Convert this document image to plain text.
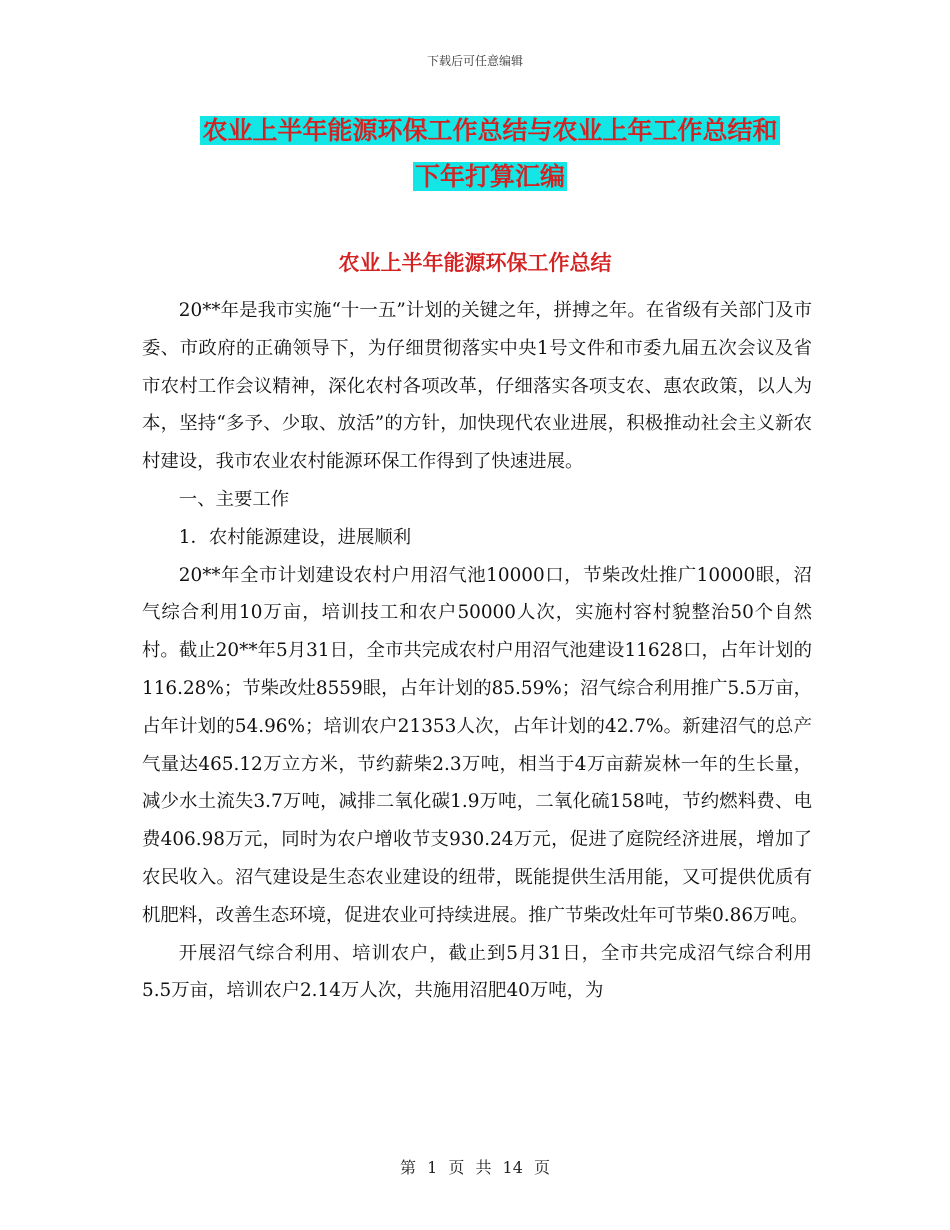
下载后可任意编辑
农业上半年能源环保工作总结与农业上年工作总结和
下年打算汇编
农业上半年能源环保工作总结

20**年是我市实施“十一五”计划的关键之年，拼搏之年。在省级有关部门及市委、市政府的正确领导下，为仔细贯彻落实中央1号文件和市委九届五次会议及省市农村工作会议精神，深化农村各项改革，仔细落实各项支农、惠农政策，以人为本，坚持“多予、少取、放活”的方针，加快现代农业进展，积极推动社会主义新农村建设，我市农业农村能源环保工作得到了快速进展。

一、主要工作

1．农村能源建设，进展顺利

20**年全市计划建设农村户用沼气池10000口，节柴改灶推广10000眼，沼气综合利用10万亩，培训技工和农户50000人次，实施村容村貌整治50个自然村。截止20**年5月31日，全市共完成农村户用沼气池建设11628口，占年计划的116.28%；节柴改灶8559眼，占年计划的85.59%；沼气综合利用推广5.5万亩，占年计划的54.96%；培训农户21353人次，占年计划的42.7%。新建沼气的总产气量达465.12万立方米，节约薪柴2.3万吨，相当于4万亩薪炭林一年的生长量，减少水土流失3.7万吨，减排二氧化碳1.9万吨，二氧化硫158吨，节约燃料费、电费406.98万元，同时为农户增收节支930.24万元，促进了庭院经济进展，增加了农民收入。沼气建设是生态农业建设的纽带，既能提供生活用能，又可提供优质有机肥料，改善生态环境，促进农业可持续进展。推广节柴改灶年可节柴0.86万吨。

开展沼气综合利用、培训农户，截止到5月31日，全市共完成沼气综合利用5.5万亩，培训农户2.14万人次，共施用沼肥40万吨，为

第 1 页 共 14 页
